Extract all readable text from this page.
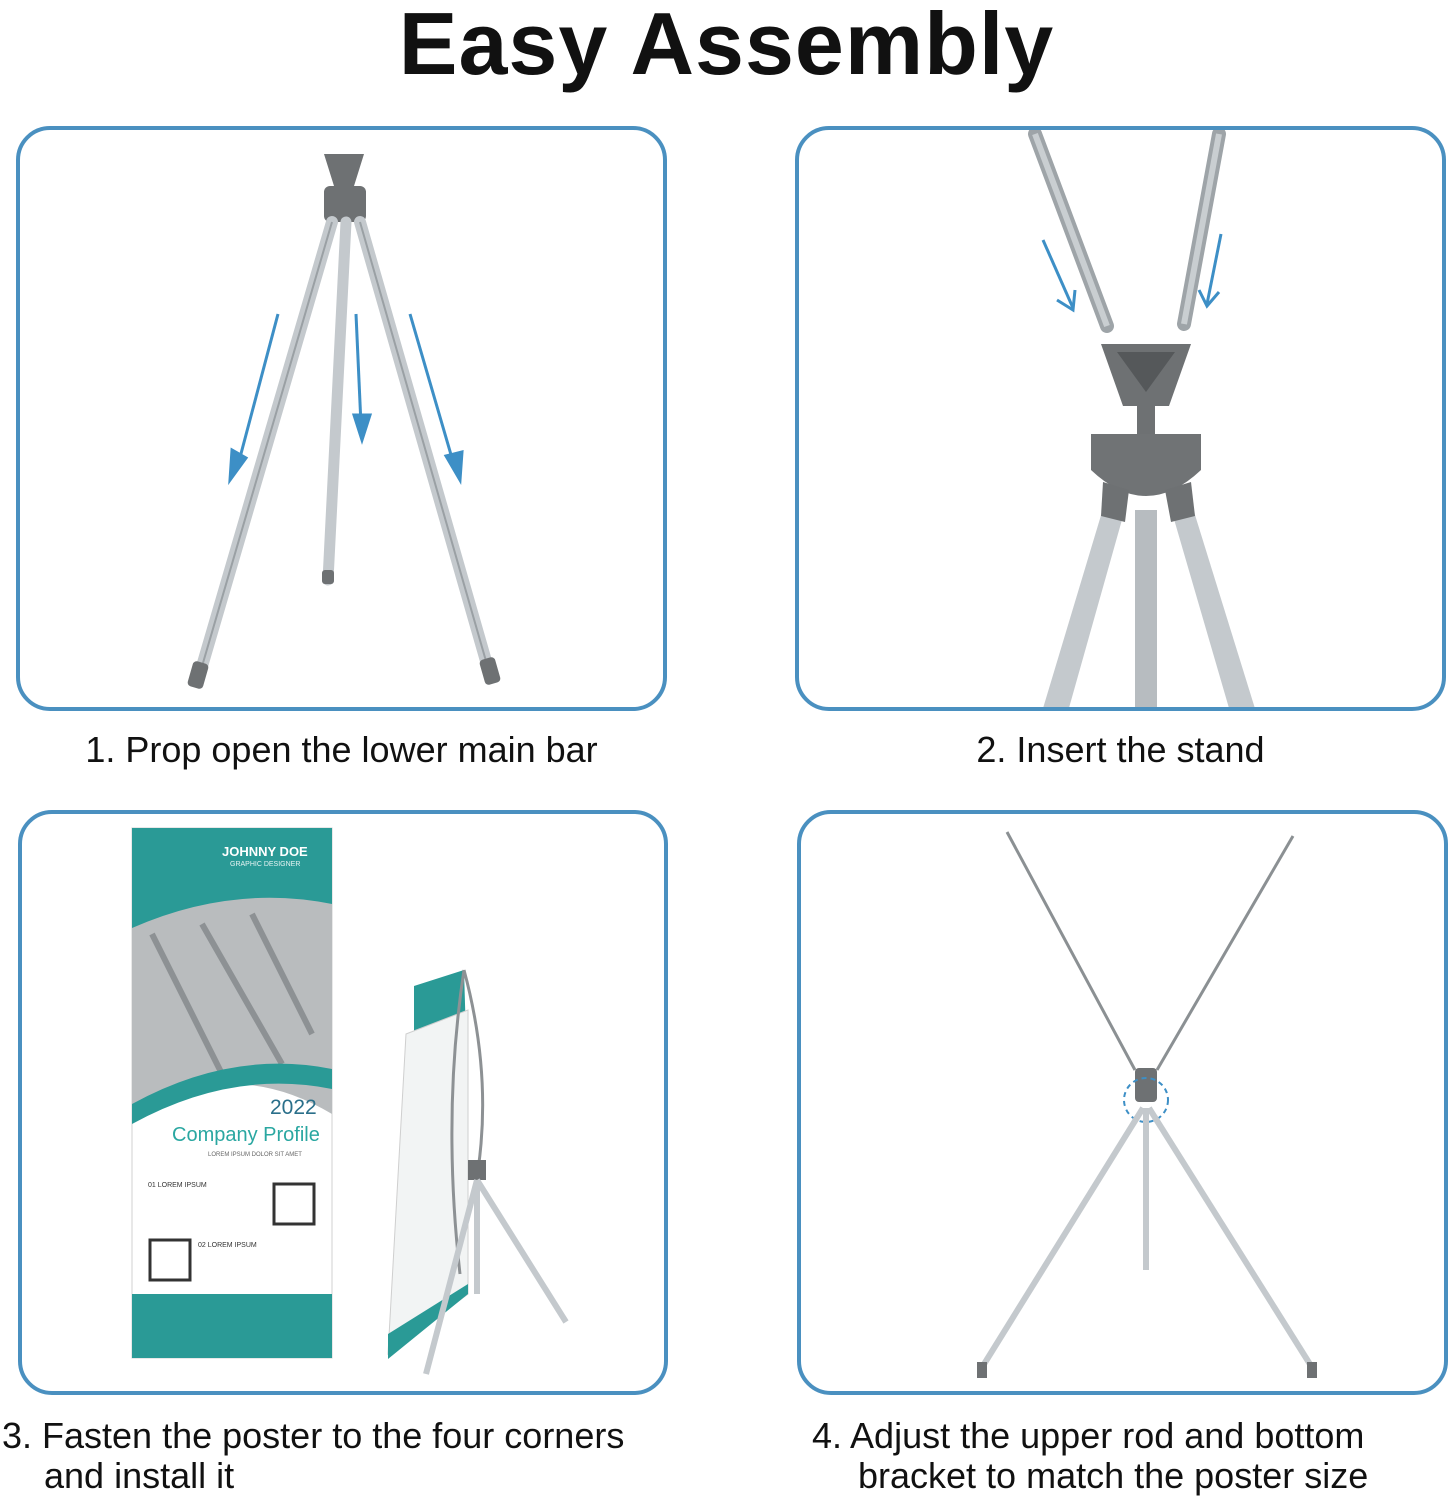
Easy Assembly
1. Prop open the lower main bar	2. Insert the stand
JOHNNY DOE
GRAPHIC DESIGNER
2022
Company Profile
LOREM IPSUM DOLOR SIT AMET
01 LOREM IPSUM
02 LOREM IPSUM
3. Fasten the poster to the four corners
and install it
4. Adjust the upper rod and bottom
bracket to match the poster size
